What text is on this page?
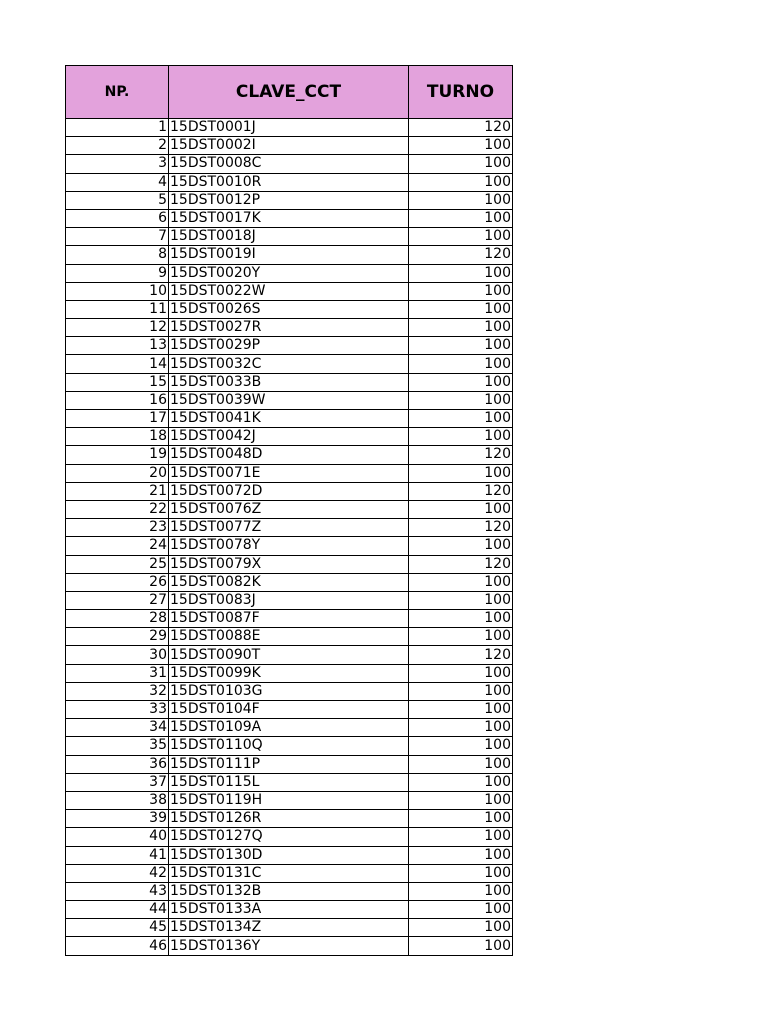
NP.	CLAVE_CCT	TURNO
1	15DST0001J	120
2	15DST0002I	100
3	15DST0008C	100
4	15DST0010R	100
5	15DST0012P	100
6	15DST0017K	100
7	15DST0018J	100
8	15DST0019I	120
9	15DST0020Y	100
10	15DST0022W	100
11	15DST0026S	100
12	15DST0027R	100
13	15DST0029P	100
14	15DST0032C	100
15	15DST0033B	100
16	15DST0039W	100
17	15DST0041K	100
18	15DST0042J	100
19	15DST0048D	120
20	15DST0071E	100
21	15DST0072D	120
22	15DST0076Z	100
23	15DST0077Z	120
24	15DST0078Y	100
25	15DST0079X	120
26	15DST0082K	100
27	15DST0083J	100
28	15DST0087F	100
29	15DST0088E	100
30	15DST0090T	120
31	15DST0099K	100
32	15DST0103G	100
33	15DST0104F	100
34	15DST0109A	100
35	15DST0110Q	100
36	15DST0111P	100
37	15DST0115L	100
38	15DST0119H	100
39	15DST0126R	100
40	15DST0127Q	100
41	15DST0130D	100
42	15DST0131C	100
43	15DST0132B	100
44	15DST0133A	100
45	15DST0134Z	100
46	15DST0136Y	100
